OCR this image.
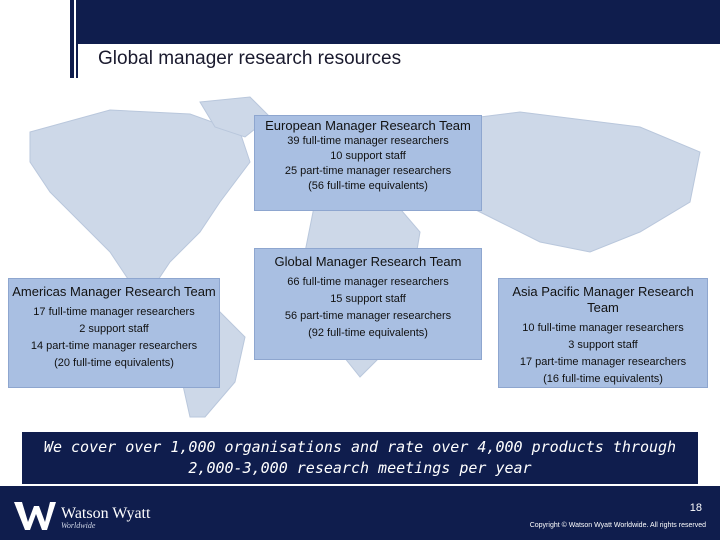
Global manager research resources
European Manager Research Team
39 full-time manager researchers
10 support staff
25 part-time manager researchers
(56 full-time equivalents)
Global Manager Research Team
66 full-time manager researchers
15 support staff
56 part-time manager researchers
(92 full-time equivalents)
Americas Manager Research Team
17 full-time manager researchers
2 support staff
14 part-time manager researchers
(20 full-time equivalents)
Asia Pacific Manager Research Team
10 full-time manager researchers
3 support staff
17 part-time manager researchers
(16 full-time equivalents)
We cover over 1,000 organisations and rate over 4,000 products through 2,000-3,000 research meetings per year
Watson Wyatt
Worldwide
18
Copyright © Watson Wyatt Worldwide. All rights reserved
